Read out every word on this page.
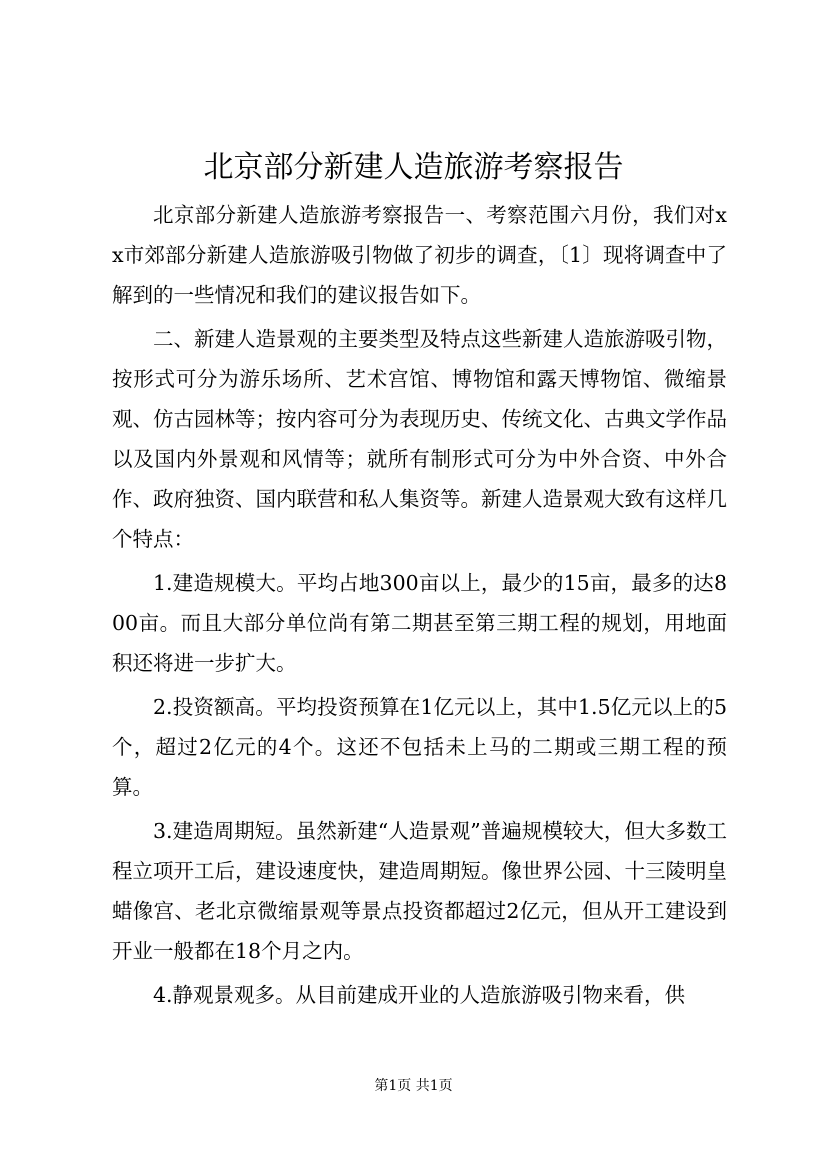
北京部分新建人造旅游考察报告

北京部分新建人造旅游考察报告一、考察范围六月份，我们对xx市郊部分新建人造旅游吸引物做了初步的调查，〔1〕现将调查中了解到的一些情况和我们的建议报告如下。

二、新建人造景观的主要类型及特点这些新建人造旅游吸引物，按形式可分为游乐场所、艺术宫馆、博物馆和露天博物馆、微缩景观、仿古园林等；按内容可分为表现历史、传统文化、古典文学作品以及国内外景观和风情等；就所有制形式可分为中外合资、中外合作、政府独资、国内联营和私人集资等。新建人造景观大致有这样几个特点：

1.建造规模大。平均占地300亩以上，最少的15亩，最多的达800亩。而且大部分单位尚有第二期甚至第三期工程的规划，用地面积还将进一步扩大。

2.投资额高。平均投资预算在1亿元以上，其中1.5亿元以上的5个，超过2亿元的4个。这还不包括未上马的二期或三期工程的预算。

3.建造周期短。虽然新建“人造景观”普遍规模较大，但大多数工程立项开工后，建设速度快，建造周期短。像世界公园、十三陵明皇蜡像宫、老北京微缩景观等景点投资都超过2亿元，但从开工建设到开业一般都在18个月之内。

4.静观景观多。从目前建成开业的人造旅游吸引物来看，供

第1页 共1页
